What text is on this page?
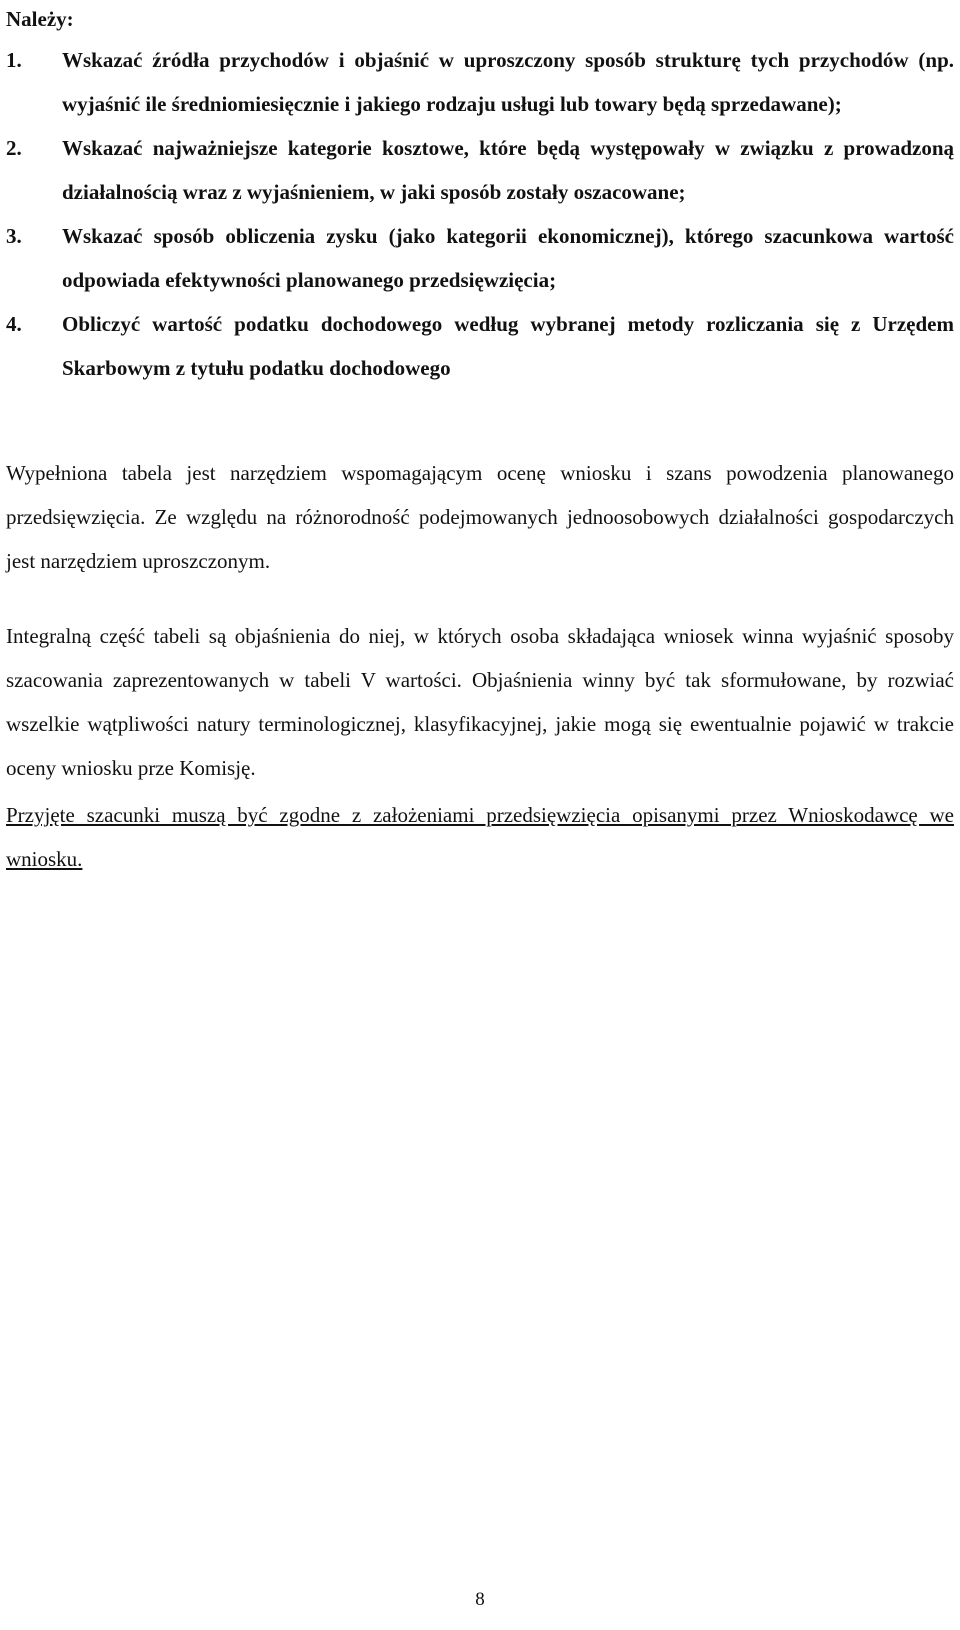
Należy:
1. Wskazać źródła przychodów i objaśnić w uproszczony sposób strukturę tych przychodów (np. wyjaśnić ile średniomiesięcznie i jakiego rodzaju usługi lub towary będą sprzedawane);
2. Wskazać najważniejsze kategorie kosztowe, które będą występowały w związku z prowadzoną działalnością wraz z wyjaśnieniem, w jaki sposób zostały oszacowane;
3. Wskazać sposób obliczenia zysku (jako kategorii ekonomicznej), którego szacunkowa wartość odpowiada efektywności planowanego przedsięwzięcia;
4. Obliczyć wartość podatku dochodowego według wybranej metody rozliczania się z Urzędem Skarbowym z tytułu podatku dochodowego

Wypełniona tabela jest narzędziem wspomagającym ocenę wniosku i szans powodzenia planowanego przedsięwzięcia. Ze względu na różnorodność podejmowanych jednoosobowych działalności gospodarczych jest narzędziem uproszczonym.

Integralną część tabeli są objaśnienia do niej, w których osoba składająca wniosek winna wyjaśnić sposoby szacowania zaprezentowanych w tabeli V wartości. Objaśnienia winny być tak sformułowane, by rozwiać wszelkie wątpliwości natury terminologicznej, klasyfikacyjnej, jakie mogą się ewentualnie pojawić w trakcie oceny wniosku prze Komisję.

Przyjęte szacunki muszą być zgodne z założeniami przedsięwzięcia opisanymi przez Wnioskodawcę we wniosku.

8
